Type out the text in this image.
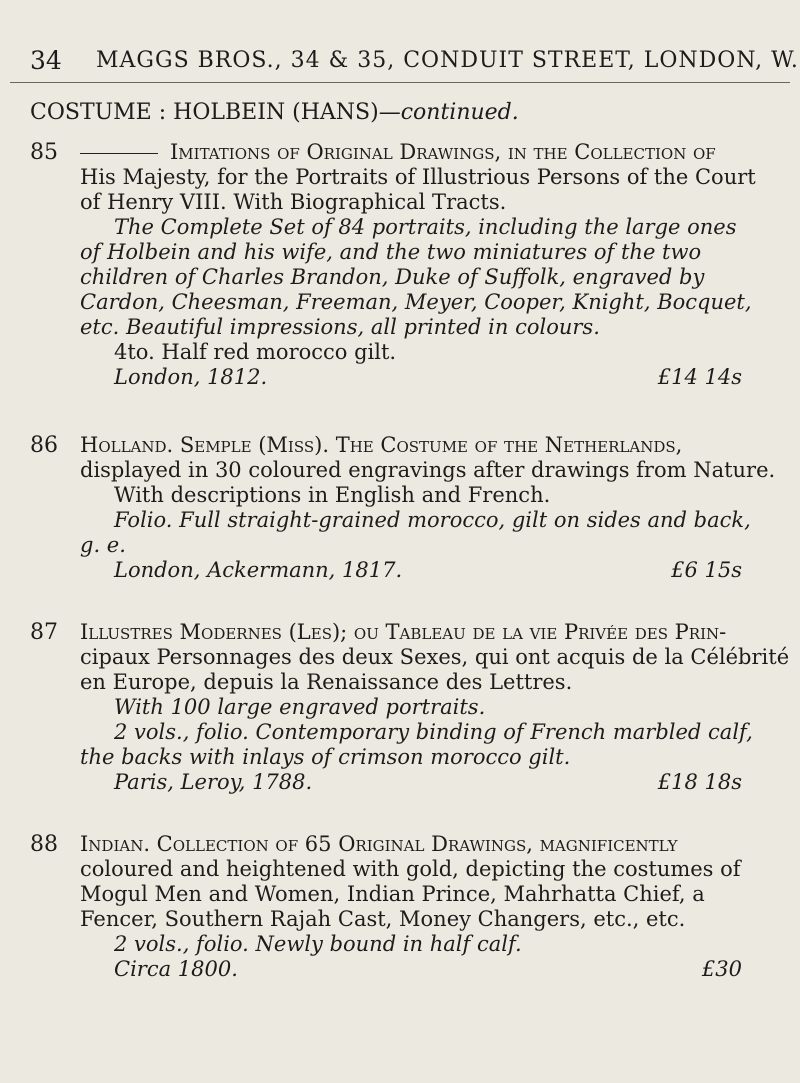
34 MAGGS BROS., 34 & 35, CONDUIT STREET, LONDON, W.
COSTUME : HOLBEIN (HANS)—continued.
85	Imitations of Original Drawings, in the Collection of
His Majesty, for the Portraits of Illustrious Persons of the Court
of Henry VIII. With Biographical Tracts.
The Complete Set of 84 portraits, including the large ones
of Holbein and his wife, and the two miniatures of the two
children of Charles Brandon, Duke of Suffolk, engraved by
Cardon, Cheesman, Freeman, Meyer, Cooper, Knight, Bocquet,
etc. Beautiful impressions, all printed in colours.
4to. Half red morocco gilt.
London, 1812.	£14 14s
86 Holland. Semple (Miss). The Costume of the Netherlands,
displayed in 30 coloured engravings after drawings from Nature.
With descriptions in English and French.
Folio. Full straight-grained morocco, gilt on sides and back,
g. e.
London, Ackermann, 1817.	£6 15s
87 Illustres Modernes (Les); ou Tableau de la vie Privée des Prin-
cipaux Personnages des deux Sexes, qui ont acquis de la Célébrité
en Europe, depuis la Renaissance des Lettres.
With 100 large engraved portraits.
2 vols., folio. Contemporary binding of French marbled calf,
the backs with inlays of crimson morocco gilt.
Paris, Leroy, 1788.	£18 18s
88 Indian. Collection of 65 Original Drawings, magnificently
coloured and heightened with gold, depicting the costumes of
Mogul Men and Women, Indian Prince, Mahrhatta Chief, a
Fencer, Southern Rajah Cast, Money Changers, etc., etc.
2 vols., folio. Newly bound in half calf.
Circa 1800.	£30
